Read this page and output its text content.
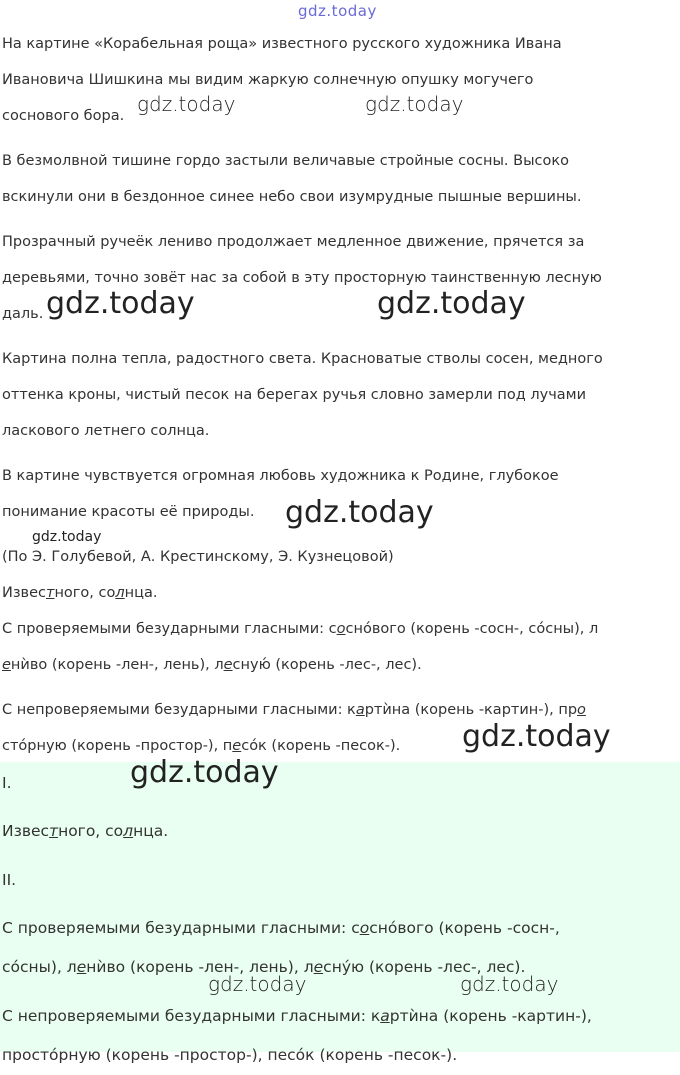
gdz.today
На картине «Корабельная роща» известного русского художника Ивана
Ивановича Шишкина мы видим жаркую солнечную опушку могучего
соснового бора.
В безмолвной тишине гордо застыли величавые стройные сосны. Высоко
вскинули они в бездонное синее небо свои изумрудные пышные вершины.
Прозрачный ручеёк лениво продолжает медленное движение, прячется за
деревьями, точно зовёт нас за собой в эту просторную таинственную лесную
даль.
Картина полна тепла, радостного света. Красноватые стволы сосен, медного
оттенка кроны, чистый песок на берегах ручья словно замерли под лучами
ласкового летнего солнца.
В картине чувствуется огромная любовь художника к Родине, глубокое
понимание красоты её природы.
(По Э. Голубевой, А. Крестинскому, Э. Кузнецовой)
Известного, солнца.
С проверяемыми безударными гласными: соснóвого (корень -сосн-, сóсны), л
енѝво (корень -лен-, лень), лесную́ (корень -лес-, лес).
С непроверяемыми безударными гласными: картѝна (корень -картин-), про
стóрную (корень -простор-), песóк (корень -песок-).
I.
Известного, солнца.
II.
С проверяемыми безударными гласными: соснóвого (корень -сосн-,
сóсны), ленѝво (корень -лен-, лень), лесну́ю (корень -лес-, лес).
С непроверяемыми безударными гласными: картѝна (корень -картин-),
простóрную (корень -простор-), песóк (корень -песок-).
gdz.today	gdz.today
gdz.today	gdz.today
gdz.today
gdz.today
gdz.today
gdz.today
gdz.today	gdz.today
